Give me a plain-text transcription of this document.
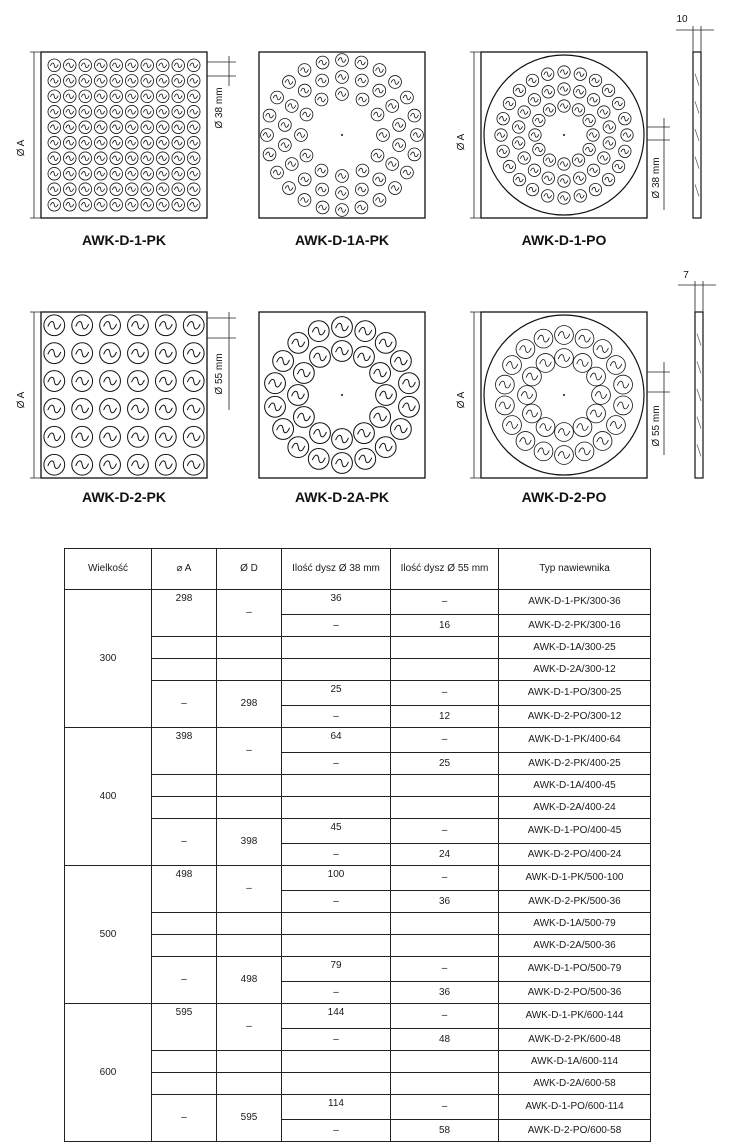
Ø A
Ø 38 mm
Ø A
Ø 38 mm
10
Ø A
Ø 55 mm
Ø A
Ø 55 mm
7
AWK-D-1-PK	AWK-D-1A-PK	AWK-D-1-PO
AWK-D-2-PK	AWK-D-2A-PK	AWK-D-2-PO
Wielkość	⌀ A	Ø D	Ilość dysz Ø 38 mm	Ilość dysz Ø 55 mm	Typ nawiewnika
300	298	–	36	–	AWK-D-1-PK/300-36
			–	16	AWK-D-2-PK/300-16
					AWK-D-1A/300-25
					AWK-D-2A/300-12
	–	298	25	–	AWK-D-1-PO/300-25
			–	12	AWK-D-2-PO/300-12
400	398	–	64	–	AWK-D-1-PK/400-64
			–	25	AWK-D-2-PK/400-25
					AWK-D-1A/400-45
					AWK-D-2A/400-24
	–	398	45	–	AWK-D-1-PO/400-45
			–	24	AWK-D-2-PO/400-24
500	498	–	100	–	AWK-D-1-PK/500-100
			–	36	AWK-D-2-PK/500-36
					AWK-D-1A/500-79
					AWK-D-2A/500-36
	–	498	79	–	AWK-D-1-PO/500-79
			–	36	AWK-D-2-PO/500-36
600	595	–	144	–	AWK-D-1-PK/600-144
			–	48	AWK-D-2-PK/600-48
					AWK-D-1A/600-114
					AWK-D-2A/600-58
	–	595	114	–	AWK-D-1-PO/600-114
			–	58	AWK-D-2-PO/600-58
